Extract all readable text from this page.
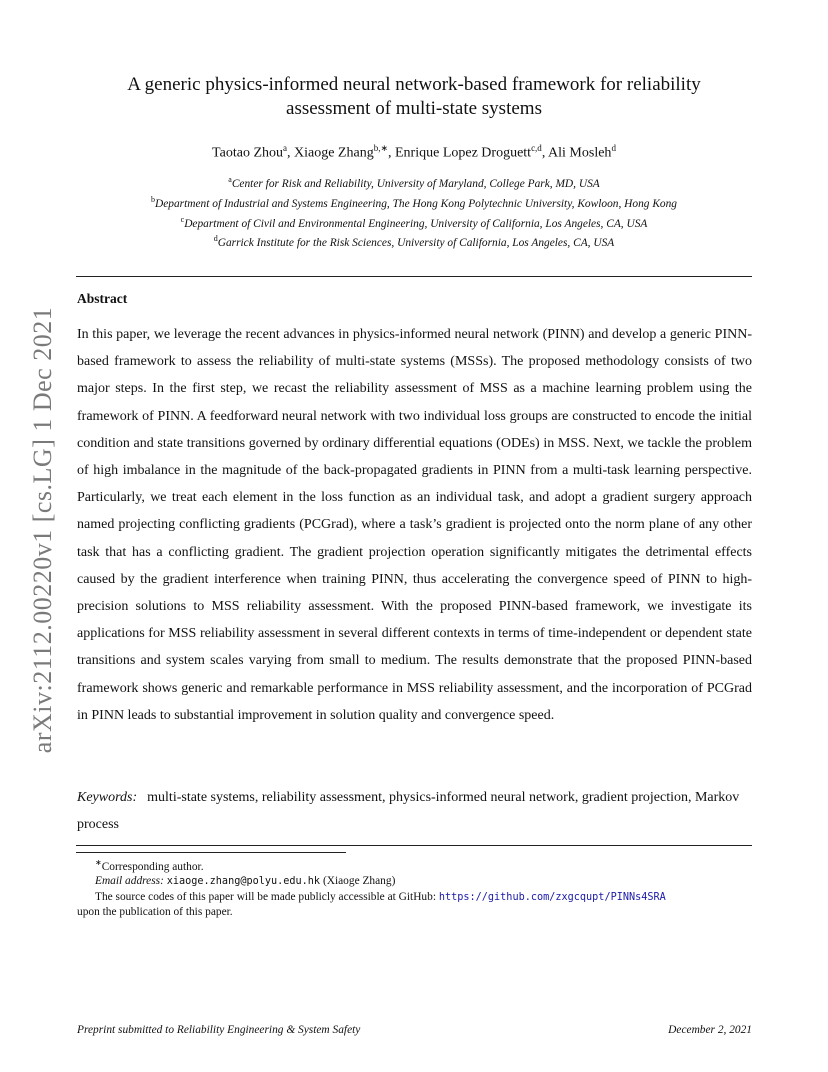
arXiv:2112.00220v1 [cs.LG] 1 Dec 2021
A generic physics-informed neural network-based framework for reliability
assessment of multi-state systems
Taotao Zhou$^a$, Xiaoge Zhang$^{b,∗}$, Enrique Lopez Droguett$^{c,d}$, Ali Mosleh$^d$
$^a$Center for Risk and Reliability, University of Maryland, College Park, MD, USA
$^b$Department of Industrial and Systems Engineering, The Hong Kong Polytechnic University, Kowloon, Hong Kong
$^c$Department of Civil and Environmental Engineering, University of California, Los Angeles, CA, USA
$^d$Garrick Institute for the Risk Sciences, University of California, Los Angeles, CA, USA
Abstract

In this paper, we leverage the recent advances in physics-informed neural network (PINN) and develop a generic PINN-based framework to assess the reliability of multi-state systems (MSSs). The proposed methodology consists of two major steps. In the first step, we recast the reliability assessment of MSS as a machine learning problem using the framework of PINN. A feedforward neural network with two individual loss groups are constructed to encode the initial condition and state transitions governed by ordinary differential equations (ODEs) in MSS. Next, we tackle the problem of high imbalance in the magnitude of the back-propagated gradients in PINN from a multi-task learning perspective. Particularly, we treat each element in the loss function as an individual task, and adopt a gradient surgery approach named projecting conflicting gradients (PCGrad), where a task’s gradient is projected onto the norm plane of any other task that has a conflicting gradient. The gradient projection operation significantly mitigates the detrimental effects caused by the gradient interference when training PINN, thus accelerating the convergence speed of PINN to high-precision solutions to MSS reliability assessment. With the proposed PINN-based framework, we investigate its applications for MSS reliability assessment in several different contexts in terms of time-independent or dependent state transitions and system scales varying from small to medium. The results demonstrate that the proposed PINN-based framework shows generic and remarkable performance in MSS reliability assessment, and the incorporation of PCGrad in PINN leads to substantial improvement in solution quality and convergence speed.

Keywords: multi-state systems, reliability assessment, physics-informed neural network, gradient projection, Markov process

∗Corresponding author.
Email address: xiaoge.zhang@polyu.edu.hk (Xiaoge Zhang)
The source codes of this paper will be made publicly accessible at GitHub: https://github.com/zxgcqupt/PINNs4SRA
upon the publication of this paper.
Preprint submitted to Reliability Engineering & System Safety	December 2, 2021
